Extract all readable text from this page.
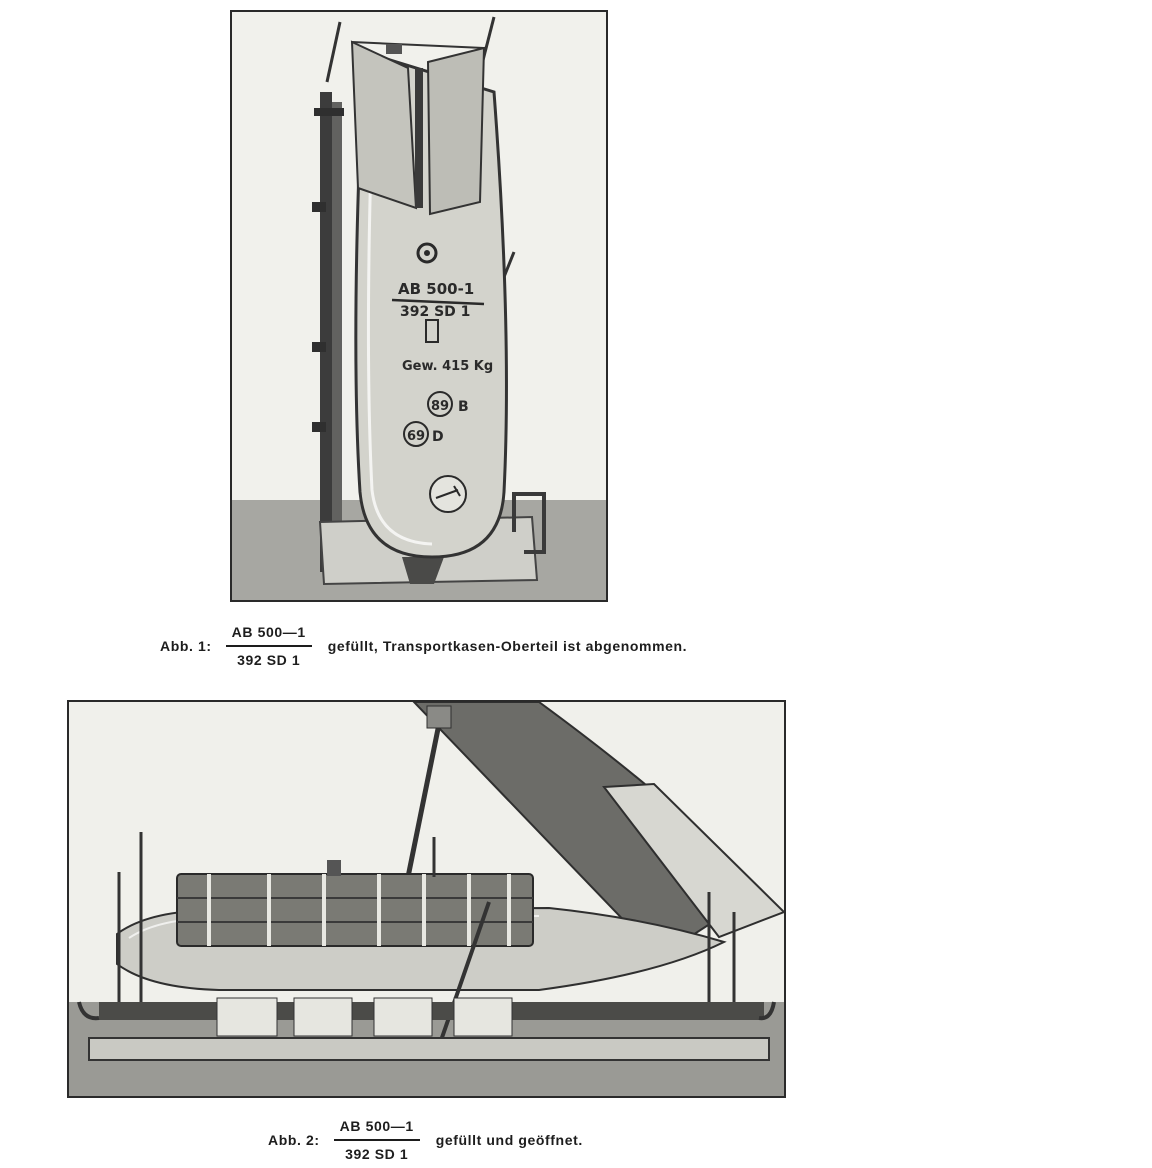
AB 500-1
392 SD 1
Gew. 415 Kg
89 B
69 D
Abb. 1: $\frac{AB 500—1}{392 SD 1}$ gefüllt, Transportkasen-Oberteil ist abgenommen.
Abb. 2: $\frac{AB 500—1}{392 SD 1}$ gefüllt und geöffnet.
